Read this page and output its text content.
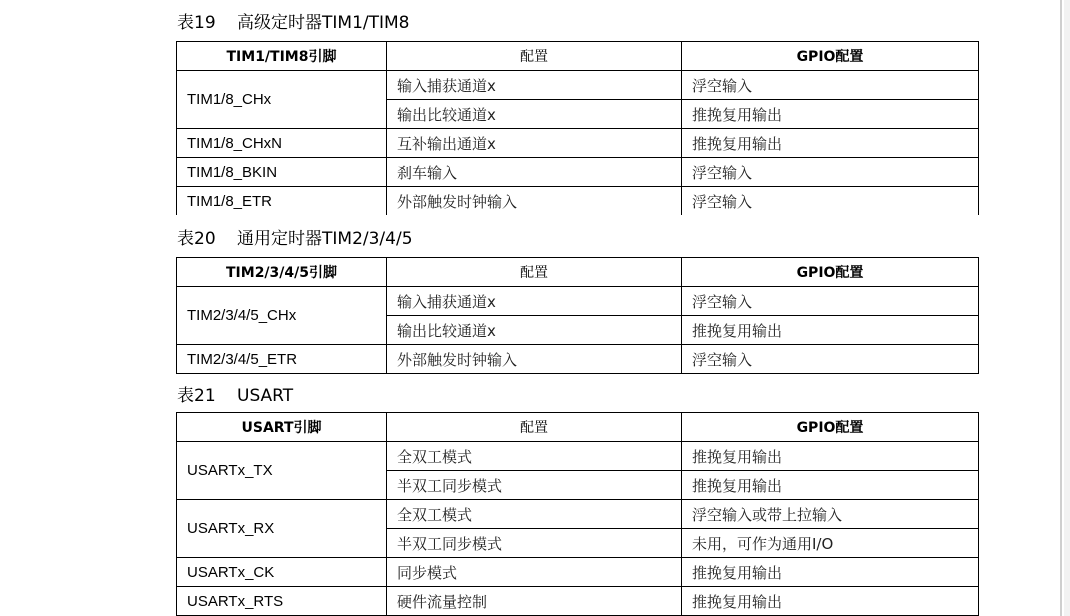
表19 高级定时器TIM1/TIM8
TIM1/TIM8引脚	配置	GPIO配置
TIM1/8_CHx	输入捕获通道x	浮空输入
	输出比较通道x	推挽复用输出
TIM1/8_CHxN	互补输出通道x	推挽复用输出
TIM1/8_BKIN	刹车输入	浮空输入
TIM1/8_ETR	外部触发时钟输入	浮空输入
表20 通用定时器TIM2/3/4/5
TIM2/3/4/5引脚	配置	GPIO配置
TIM2/3/4/5_CHx	输入捕获通道x	浮空输入
	输出比较通道x	推挽复用输出
TIM2/3/4/5_ETR	外部触发时钟输入	浮空输入
表21 USART
USART引脚	配置	GPIO配置
USARTx_TX	全双工模式	推挽复用输出
	半双工同步模式	推挽复用输出
USARTx_RX	全双工模式	浮空输入或带上拉输入
	半双工同步模式	未用，可作为通用I/O
USARTx_CK	同步模式	推挽复用输出
USARTx_RTS	硬件流量控制	推挽复用输出
